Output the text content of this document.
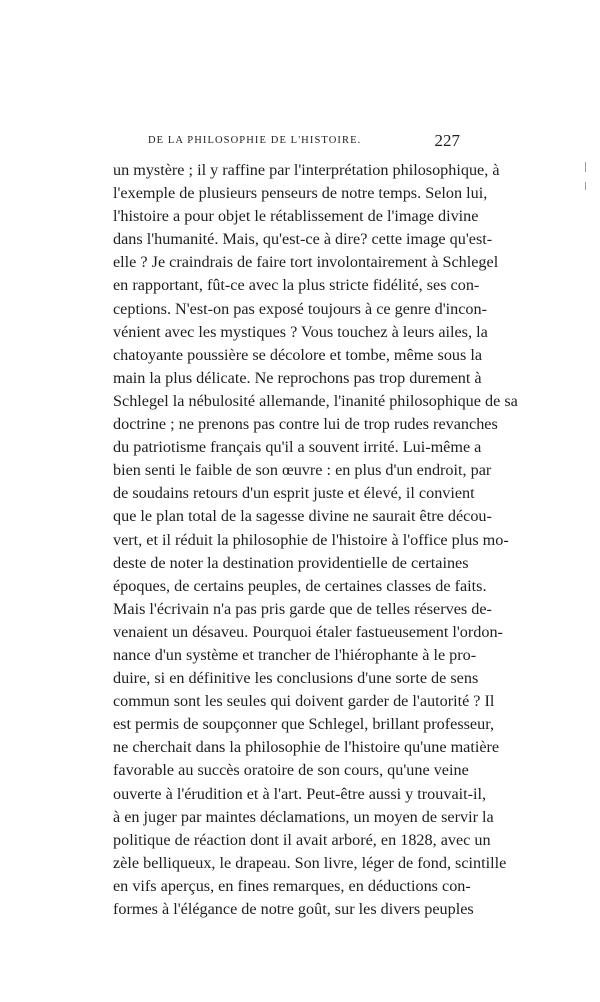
DE LA PHILOSOPHIE DE L'HISTOIRE.	227
un mystère ; il y raffine par l'interprétation philosophique, à
l'exemple de plusieurs penseurs de notre temps. Selon lui,
l'histoire a pour objet le rétablissement de l'image divine
dans l'humanité. Mais, qu'est-ce à dire? cette image qu'est-
elle ? Je craindrais de faire tort involontairement à Schlegel
en rapportant, fût-ce avec la plus stricte fidélité, ses con-
ceptions. N'est-on pas exposé toujours à ce genre d'incon-
vénient avec les mystiques ? Vous touchez à leurs ailes, la
chatoyante poussière se décolore et tombe, même sous la
main la plus délicate. Ne reprochons pas trop durement à
Schlegel la nébulosité allemande, l'inanité philosophique de sa
doctrine ; ne prenons pas contre lui de trop rudes revanches
du patriotisme français qu'il a souvent irrité. Lui-même a
bien senti le faible de son œuvre : en plus d'un endroit, par
de soudains retours d'un esprit juste et élevé, il convient
que le plan total de la sagesse divine ne saurait être décou-
vert, et il réduit la philosophie de l'histoire à l'office plus mo-
deste de noter la destination providentielle de certaines
époques, de certains peuples, de certaines classes de faits.
Mais l'écrivain n'a pas pris garde que de telles réserves de-
venaient un désaveu. Pourquoi étaler fastueusement l'ordon-
nance d'un système et trancher de l'hiérophante à le pro-
duire, si en définitive les conclusions d'une sorte de sens
commun sont les seules qui doivent garder de l'autorité ? Il
est permis de soupçonner que Schlegel, brillant professeur,
ne cherchait dans la philosophie de l'histoire qu'une matière
favorable au succès oratoire de son cours, qu'une veine
ouverte à l'érudition et à l'art. Peut-être aussi y trouvait-il,
à en juger par maintes déclamations, un moyen de servir la
politique de réaction dont il avait arboré, en 1828, avec un
zèle belliqueux, le drapeau. Son livre, léger de fond, scintille
en vifs aperçus, en fines remarques, en déductions con-
formes à l'élégance de notre goût, sur les divers peuples
